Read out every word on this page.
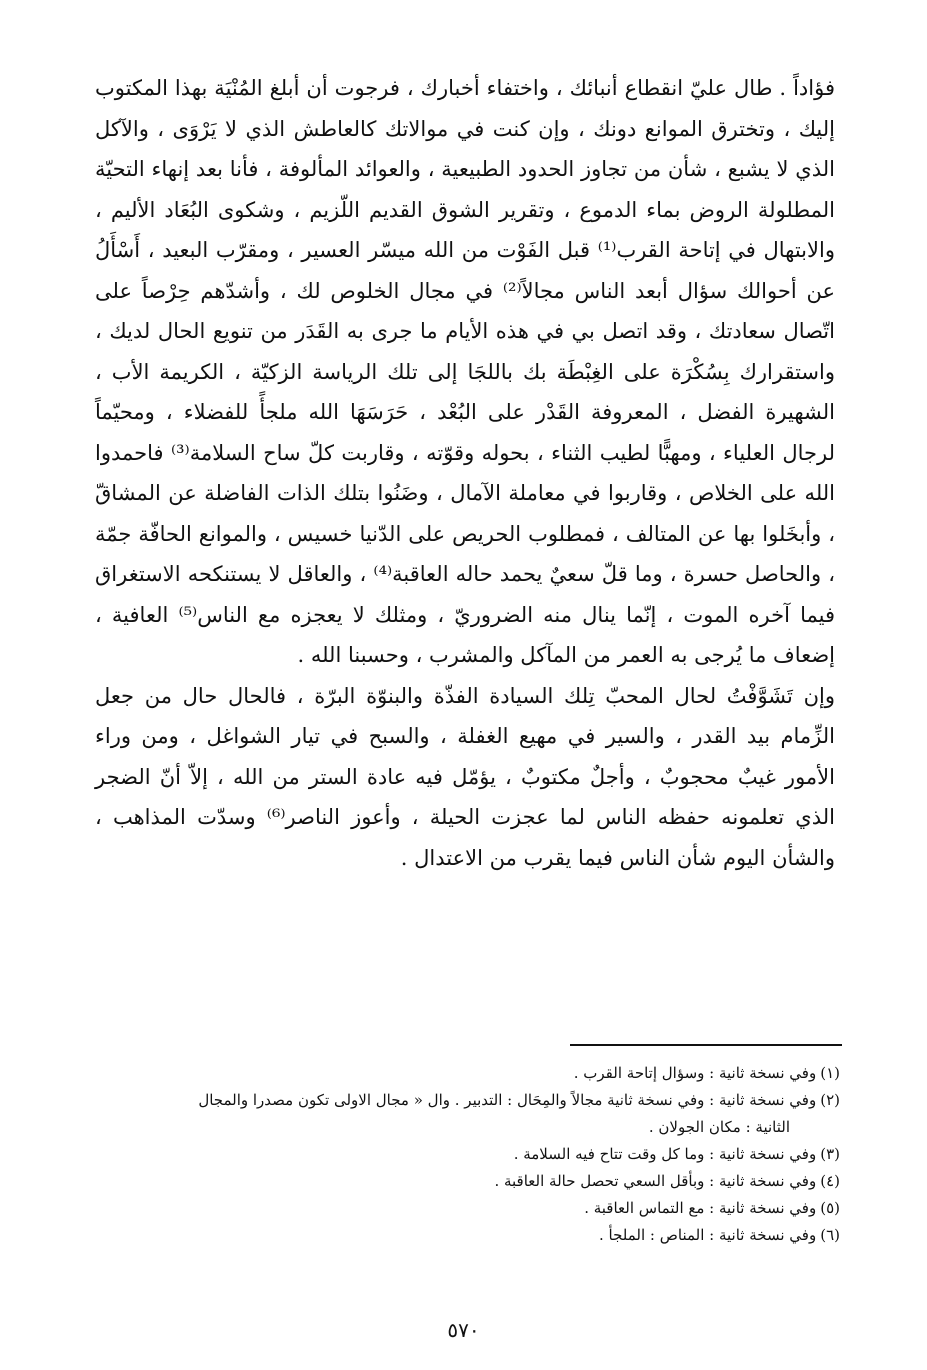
فؤاداً . طال عليّ انقطاع أنبائك ، واختفاء أخبارك ، فرجوت أن أبلغ المُنْيَة بهذا المكتوب إليك ، وتخترق الموانع دونك ، وإن كنت في موالاتك كالعاطش الذي لا يَرْوَى ، والآكل الذي لا يشبع ، شأن من تجاوز الحدود الطبيعية ، والعوائد المألوفة ، فأنا بعد إنهاء التحيّة المطلولة الروض بماء الدموع ، وتقرير الشوق القديم اللّزيم ، وشكوى البُعَاد الأليم ، والابتهال في إتاحة القرب⁽¹⁾ قبل الفَوْت من الله ميسّر العسير ، ومقرّب البعيد ، أَسْأَلُ عن أحوالك سؤال أبعد الناس مجالاً⁽²⁾ في مجال الخلوص لك ، وأشدّهم حِرْصاً على اتّصال سعادتك ، وقد اتصل بي في هذه الأيام ما جرى به القَدَر من تنويع الحال لديك ، واستقرارك بِسُكْرَة على الغِبْطَة بك باللجَا إلى تلك الرياسة الزكيّة ، الكريمة الأب ، الشهيرة الفضل ، المعروفة القَدْر على البُعْد ، حَرَسَهَا الله ملجأً للفضلاء ، ومحيّماً لرجال العلياء ، ومهبًّا لطيب الثناء ، بحوله وقوّته ، وقاربت كلّ ساح السلامة⁽³⁾ فاحمدوا الله على الخلاص ، وقاربوا في معاملة الآمال ، وضَنُوا بتلك الذات الفاضلة عن المشاقّ ، وأبخَلوا بها عن المتالف ، فمطلوب الحريص على الدّنيا خسيس ، والموانع الحافّة جمّة ، والحاصل حسرة ، وما قلّ سعيٌ يحمد حاله العاقبة⁽⁴⁾ ، والعاقل لا يستنكحه الاستغراق فيما آخره الموت ، إنّما ينال منه الضروريّ ، ومثلك لا يعجزه مع الناس⁽⁵⁾ العافية ، إضعاف ما يُرجى به العمر من المآكل والمشرب ، وحسبنا الله .

وإن تَشَوَّفْتُ لحال المحبّ تِلك السيادة الفذّة والبنوّة البرّة ، فالحال حال من جعل الزِّمام بيد القدر ، والسير في مهيع الغفلة ، والسبح في تيار الشواغل ، ومن وراء الأمور غيبٌ محجوبٌ ، وأجلٌ مكتوبٌ ، يؤمّل فيه عادة الستر من الله ، إلاّ أنّ الضجر الذي تعلمونه حفظه الناس لما عجزت الحيلة ، وأعوز الناصر⁽⁶⁾ وسدّت المذاهب ، والشأن اليوم شأن الناس فيما يقرب من الاعتدال .

(١)وفي نسخة ثانية : وسؤال إتاحة القرب .

(٢)وفي نسخة ثانية : وفي نسخة ثانية مجالاً والمِحَال : التدبير . وال « مجال الاولى تكون مصدرا والمجال

الثانية : مكان الجولان .

(٣)وفي نسخة ثانية : وما كل وقت تتاح فيه السلامة .

(٤)وفي نسخة ثانية : وبأقل السعي تحصل حالة العاقبة .

(٥)وفي نسخة ثانية : مع التماس العاقبة .

(٦)وفي نسخة ثانية : المناص : الملجأ .

٥٧٠
